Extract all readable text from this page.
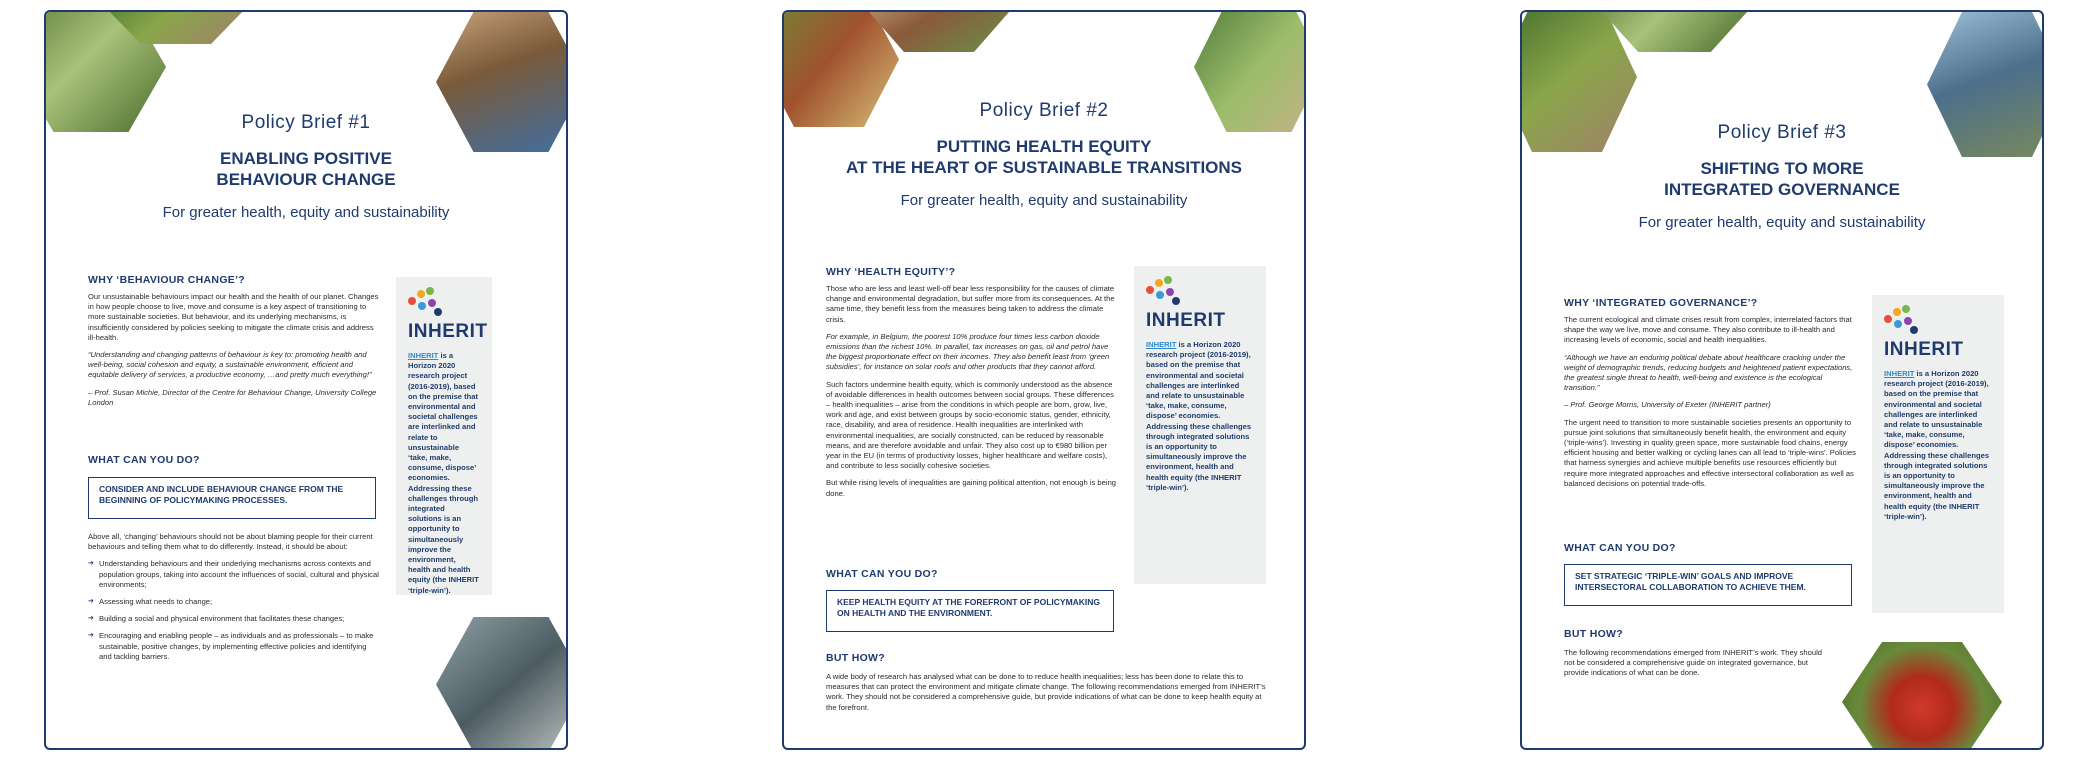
Policy Brief #1
ENABLING POSITIVE
BEHAVIOUR CHANGE
For greater health, equity and sustainability
WHY ‘BEHAVIOUR CHANGE’?

Our unsustainable behaviours impact our health and the health of our planet. Changes in how people choose to live, move and consume is a key aspect of transitioning to more sustainable societies. But behaviour, and its underlying mechanisms, is insufficiently considered by policies seeking to mitigate the climate crisis and address ill-health.

“Understanding and changing patterns of behaviour is key to: promoting health and well-being, social cohesion and equity, a sustainable environment, efficient and equitable delivery of services, a productive economy, …and pretty much everything!”

– Prof. Susan Michie, Director of the Centre for Behaviour Change, University College London

WHAT CAN YOU DO?
CONSIDER AND INCLUDE BEHAVIOUR CHANGE FROM THE BEGINNING OF POLICYMAKING PROCESSES.

Above all, ‘changing’ behaviours should not be about blaming people for their current behaviours and telling them what to do differently. Instead, it should be about:

➔ Understanding behaviours and their underlying mechanisms across contexts and population groups, taking into account the influences of social, cultural and physical environments;
➔ Assessing what needs to change;
➔ Building a social and physical environment that facilitates these changes;
➔ Encouraging and enabling people – as individuals and as professionals – to make sustainable, positive changes, by implementing effective policies and identifying and tackling barriers.
INHERIT
INHERIT is a Horizon 2020 research project (2016-2019), based on the premise that environmental and societal challenges are interlinked and relate to unsustainable ‘take, make, consume, dispose’ economies. Addressing these challenges through integrated solutions is an opportunity to simultaneously improve the environment, health and health equity (the INHERIT ‘triple-win’).
Policy Brief #2
PUTTING HEALTH EQUITY
AT THE HEART OF SUSTAINABLE TRANSITIONS
For greater health, equity and sustainability
WHY ‘HEALTH EQUITY’?

Those who are less and least well-off bear less responsibility for the causes of climate change and environmental degradation, but suffer more from its consequences. At the same time, they benefit less from the measures being taken to address the climate crisis.

For example, in Belgium, the poorest 10% produce four times less carbon dioxide emissions than the richest 10%. In parallel, tax increases on gas, oil and petrol have the biggest proportionate effect on their incomes. They also benefit least from ‘green subsidies’, for instance on solar roofs and other products that they cannot afford.

Such factors undermine health equity, which is commonly understood as the absence of avoidable differences in health outcomes between social groups. These differences – health inequalities – arise from the conditions in which people are born, grow, live, work and age, and exist between groups by socio-economic status, gender, ethnicity, race, disability, and area of residence. Health inequalities are interlinked with environmental inequalities, are socially constructed, can be reduced by reasonable means, and are therefore avoidable and unfair. They also cost up to €980 billion per year in the EU (in terms of productivity losses, higher healthcare and welfare costs), and contribute to less socially cohesive societies.

But while rising levels of inequalities are gaining political attention, not enough is being done.

WHAT CAN YOU DO?
KEEP HEALTH EQUITY AT THE FOREFRONT OF POLICYMAKING ON HEALTH AND THE ENVIRONMENT.
BUT HOW?
A wide body of research has analysed what can be done to to reduce health inequalities; less has been done to relate this to measures that can protect the environment and mitigate climate change. The following recommendations emerged from INHERIT’s work. They should not be considered a comprehensive guide, but provide indications of what can be done to keep health equity at the forefront.
INHERIT
INHERIT is a Horizon 2020 research project (2016-2019), based on the premise that environmental and societal challenges are interlinked and relate to unsustainable ‘take, make, consume, dispose’ economies. Addressing these challenges through integrated solutions is an opportunity to simultaneously improve the environment, health and health equity (the INHERIT ‘triple-win’).
Policy Brief #3
SHIFTING TO MORE
INTEGRATED GOVERNANCE
For greater health, equity and sustainability
WHY ‘INTEGRATED GOVERNANCE’?

The current ecological and climate crises result from complex, interrelated factors that shape the way we live, move and consume. They also contribute to ill-health and increasing levels of economic, social and health inequalities.

“Although we have an enduring political debate about healthcare cracking under the weight of demographic trends, reducing budgets and heightened patient expectations, the greatest single threat to health, well-being and existence is the ecological transition.”

– Prof. George Morris, University of Exeter (INHERIT partner)

The urgent need to transition to more sustainable societies presents an opportunity to pursue joint solutions that simultaneously benefit health, the environment and equity (‘triple-wins’). Investing in quality green space, more sustainable food chains, energy efficient housing and better walking or cycling lanes can all lead to ‘triple-wins’. Policies that harness synergies and achieve multiple benefits use resources efficiently but require more integrated approaches and effective intersectoral collaboration as well as balanced decisions on potential trade-offs.

WHAT CAN YOU DO?
SET STRATEGIC ‘TRIPLE-WIN’ GOALS AND IMPROVE INTERSECTORAL COLLABORATION TO ACHIEVE THEM.
BUT HOW?
The following recommendations emerged from INHERIT’s work. They should not be considered a comprehensive guide on integrated governance, but provide indications of what can be done.
INHERIT
INHERIT is a Horizon 2020 research project (2016-2019), based on the premise that environmental and societal challenges are interlinked and relate to unsustainable ‘take, make, consume, dispose’ economies. Addressing these challenges through integrated solutions is an opportunity to simultaneously improve the environment, health and health equity (the INHERIT ‘triple-win’).
